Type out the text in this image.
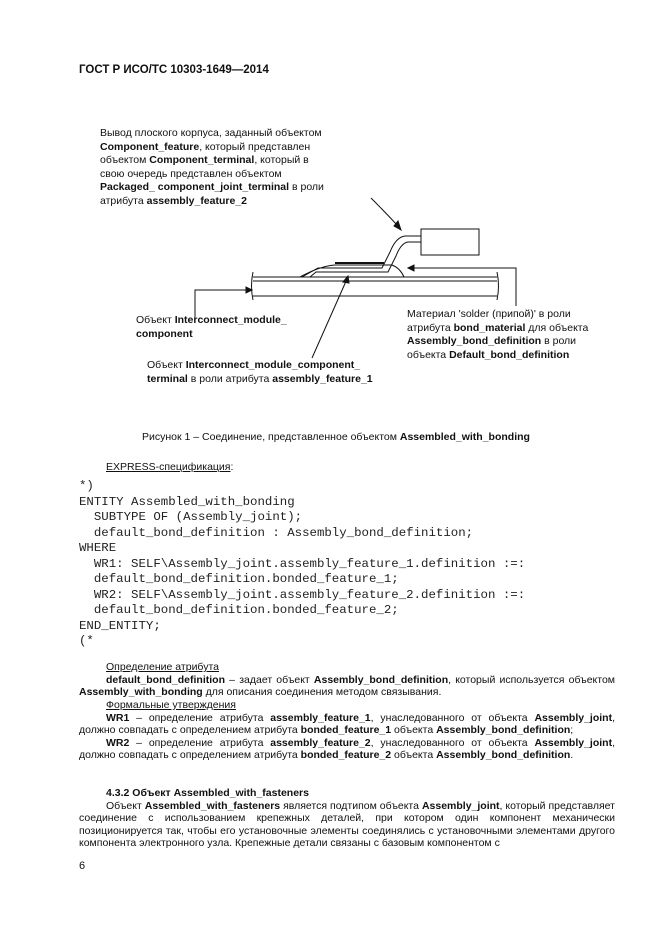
ГОСТ Р ИСО/ТС 10303-1649—2014
Вывод плоского корпуса, заданный объектом
Component_feature, который представлен
объектом Component_terminal, который в
свою очередь представлен объектом
Packaged_ component_joint_terminal в роли
атрибута assembly_feature_2
Объект Interconnect_module_
component
Объект Interconnect_module_component_
terminal в роли атрибута assembly_feature_1
Материал 'solder (припой)' в роли
атрибута bond_material для объекта
Assembly_bond_definition в роли
объекта Default_bond_definition
Рисунок 1 – Соединение, представленное объектом Assembled_with_bonding
EXPRESS-спецификация:
*)
ENTITY Assembled_with_bonding
SUBTYPE OF (Assembly_joint);
default_bond_definition : Assembly_bond_definition;
WHERE
WR1: SELF\Assembly_joint.assembly_feature_1.definition :=:
default_bond_definition.bonded_feature_1;
WR2: SELF\Assembly_joint.assembly_feature_2.definition :=:
default_bond_definition.bonded_feature_2;
END_ENTITY;
(*
Определение атрибута
default_bond_definition – задает объект Assembly_bond_definition, который используется объектом Assembly_with_bonding для описания соединения методом связывания.
Формальные утверждения
WR1 – определение атрибута assembly_feature_1, унаследованного от объекта Assembly_joint, должно совпадать с определением атрибута bonded_feature_1 объекта Assembly_bond_definition;
WR2 – определение атрибута assembly_feature_2, унаследованного от объекта Assembly_joint, должно совпадать с определением атрибута bonded_feature_2 объекта Assembly_bond_definition.
4.3.2 Объект Assembled_with_fasteners
Объект Assembled_with_fasteners является подтипом объекта Assembly_joint, который представляет соединение с использованием крепежных деталей, при котором один компонент механически позиционируется так, чтобы его установочные элементы соединялись с установочными элементами другого компонента электронного узла. Крепежные детали связаны с базовым компонентом с
6
